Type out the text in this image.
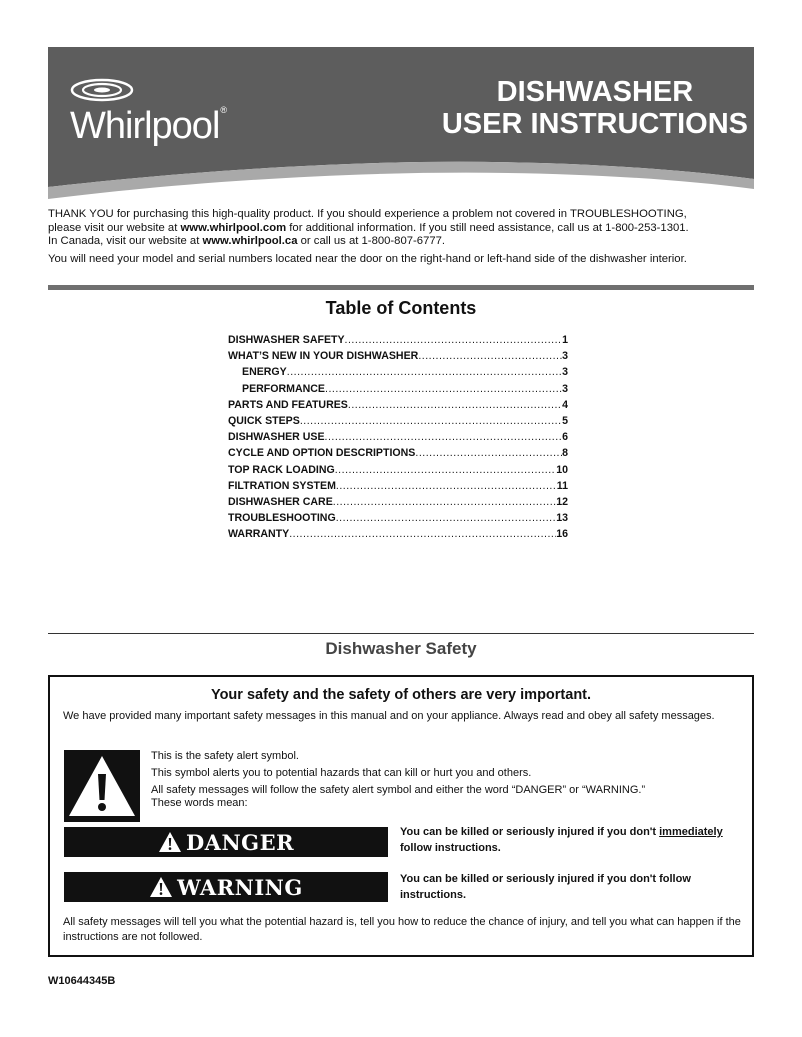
Whirlpool®
DISHWASHER
USER INSTRUCTIONS

THANK YOU for purchasing this high-quality product. If you should experience a problem not covered in TROUBLESHOOTING,

please visit our website at www.whirlpool.com for additional information. If you still need assistance, call us at 1-800-253-1301.

In Canada, visit our website at www.whirlpool.ca or call us at 1-800-807-6777.

You will need your model and serial numbers located near the door on the right-hand or left-hand side of the dishwasher interior.

Table of Contents
DISHWASHER SAFETY .....	1
WHAT’S NEW IN YOUR DISHWASHER .....	3
ENERGY .....	3
PERFORMANCE .....	3
PARTS AND FEATURES .....	4
QUICK STEPS .....	5
DISHWASHER USE .....	6
CYCLE AND OPTION DESCRIPTIONS .....	8
TOP RACK LOADING .....	10
FILTRATION SYSTEM .....	11
DISHWASHER CARE .....	12
TROUBLESHOOTING .....	13
WARRANTY .....	16
Dishwasher Safety
Your safety and the safety of others are very important.
We have provided many important safety messages in this manual and on your appliance. Always read and obey all safety messages.

This is the safety alert symbol.

This symbol alerts you to potential hazards that can kill or hurt you and others.

All safety messages will follow the safety alert symbol and either the word “DANGER” or “WARNING.”
These words mean:

DANGER	You can be killed or seriously injured if you don't immediately
follow instructions.
WARNING	You can be killed or seriously injured if you don't follow instructions.
All safety messages will tell you what the potential hazard is, tell you how to reduce the chance of injury, and tell you what can happen if the instructions are not followed.
W10644345B
